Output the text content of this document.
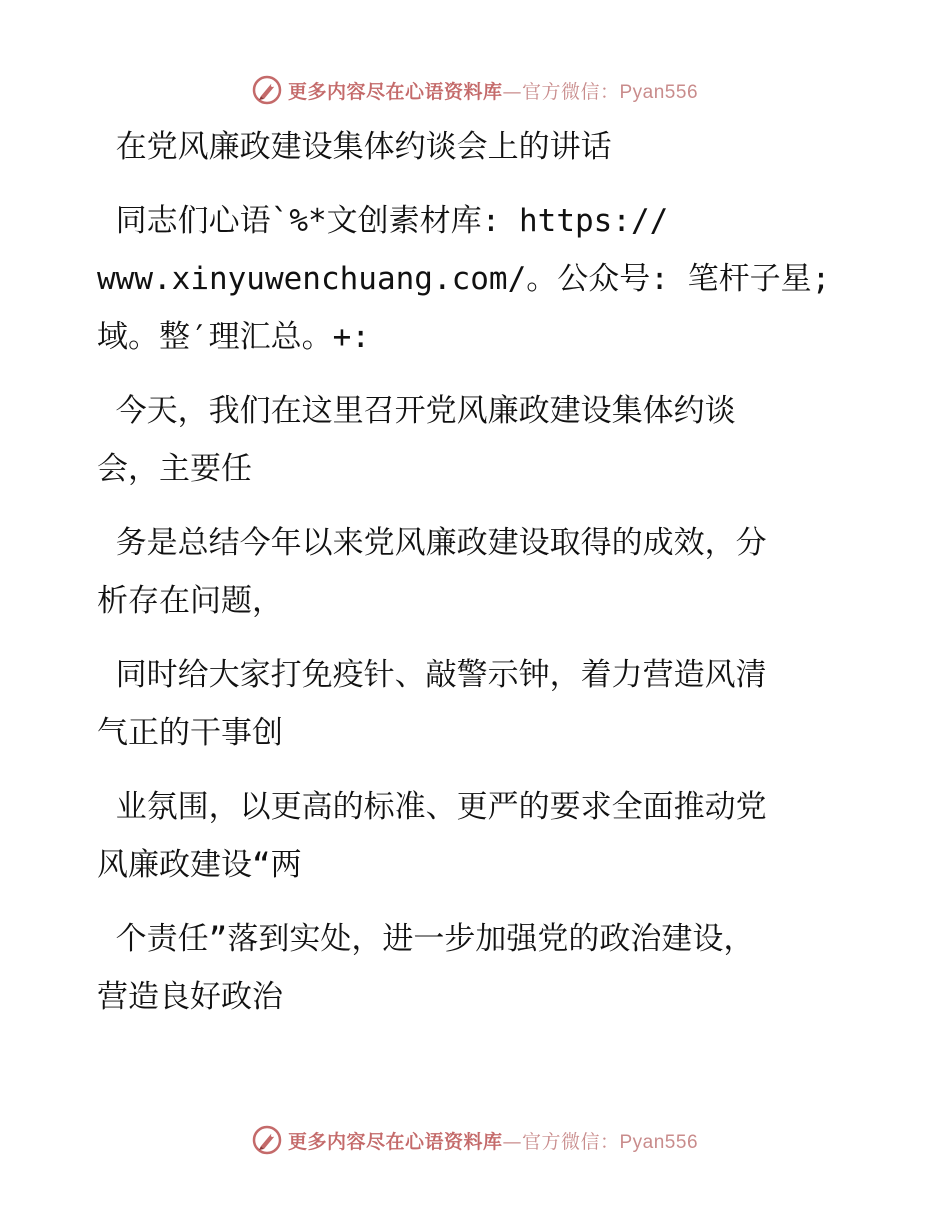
更多内容尽在心语资料库—官方微信：Pyan556

在党风廉政建设集体约谈会上的讲话

同志们心语`%*文创素材库: https://
www.xinyuwenchuang.com/。公众号: 笔杆子星;
域。整′理汇总。+:

今天，我们在这里召开党风廉政建设集体约谈
会，主要任

务是总结今年以来党风廉政建设取得的成效，分
析存在问题，

同时给大家打免疫针、敲警示钟，着力营造风清
气正的干事创

业氛围，以更高的标准、更严的要求全面推动党
风廉政建设“两

个责任”落到实处，进一步加强党的政治建设，
营造良好政治

更多内容尽在心语资料库—官方微信：Pyan556
